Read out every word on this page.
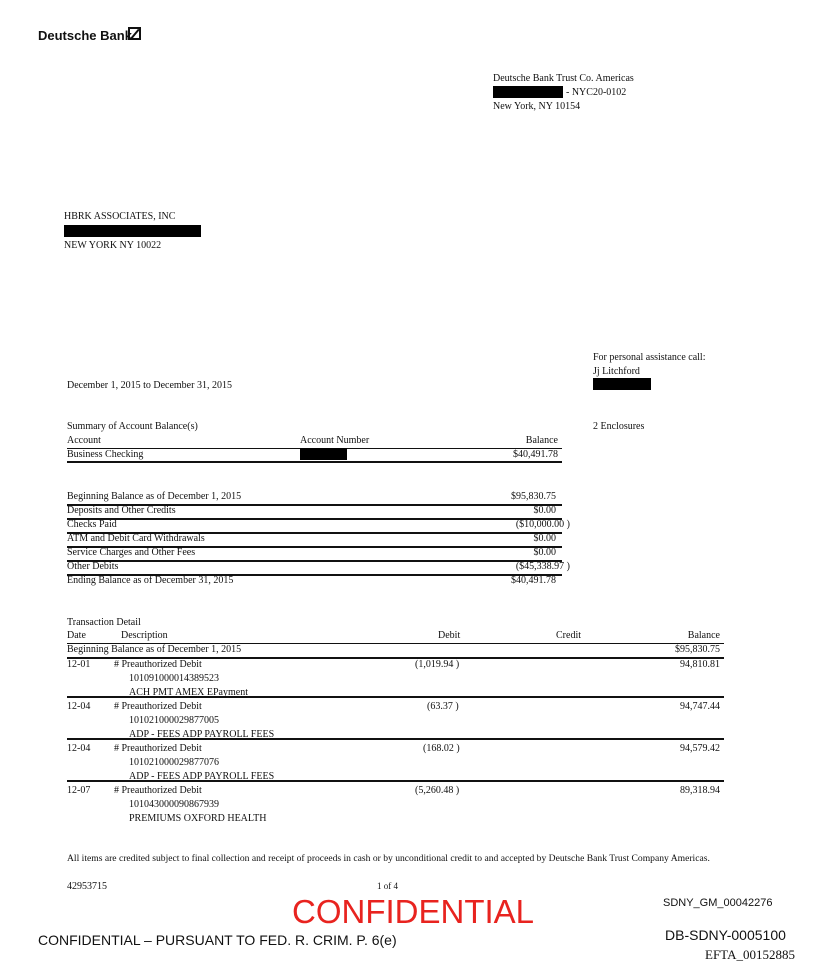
Deutsche Bank
Deutsche Bank Trust Co. Americas
- NYC20-0102
New York, NY 10154
HBRK ASSOCIATES, INC
NEW YORK NY 10022
For personal assistance call:
Jj Litchford
December 1, 2015 to December 31, 2015
Summary of Account Balance(s)	2 Enclosures
Account	Account Number	Balance
Business Checking	$40,491.78
Beginning Balance as of December 1, 2015	$95,830.75
Deposits and Other Credits	$0.00
Checks Paid	($10,000.00 )
ATM and Debit Card Withdrawals	$0.00
Service Charges and Other Fees	$0.00
Other Debits	($45,338.97 )
Ending Balance as of December 31, 2015	$40,491.78
Transaction Detail
Date	Description	Debit	Credit	Balance
Beginning Balance as of December 1, 2015	$95,830.75
12-01 # Preauthorized Debit
101091000014389523
ACH PMT AMEX EPayment
(1,019.94 )	94,810.81
12-04 # Preauthorized Debit
101021000029877005
ADP - FEES ADP PAYROLL FEES
(63.37 )	94,747.44
12-04 # Preauthorized Debit
101021000029877076
ADP - FEES ADP PAYROLL FEES
(168.02 )	94,579.42
12-07 # Preauthorized Debit
101043000090867939
PREMIUMS OXFORD HEALTH
(5,260.48 )	89,318.94
All items are credited subject to final collection and receipt of proceeds in cash or by unconditional credit to and accepted by Deutsche Bank Trust Company Americas.
42953715	1 of 4
CONFIDENTIAL
CONFIDENTIAL – PURSUANT TO FED. R. CRIM. P. 6(e)
SDNY_GM_00042276
DB-SDNY-0005100
EFTA_00152885
